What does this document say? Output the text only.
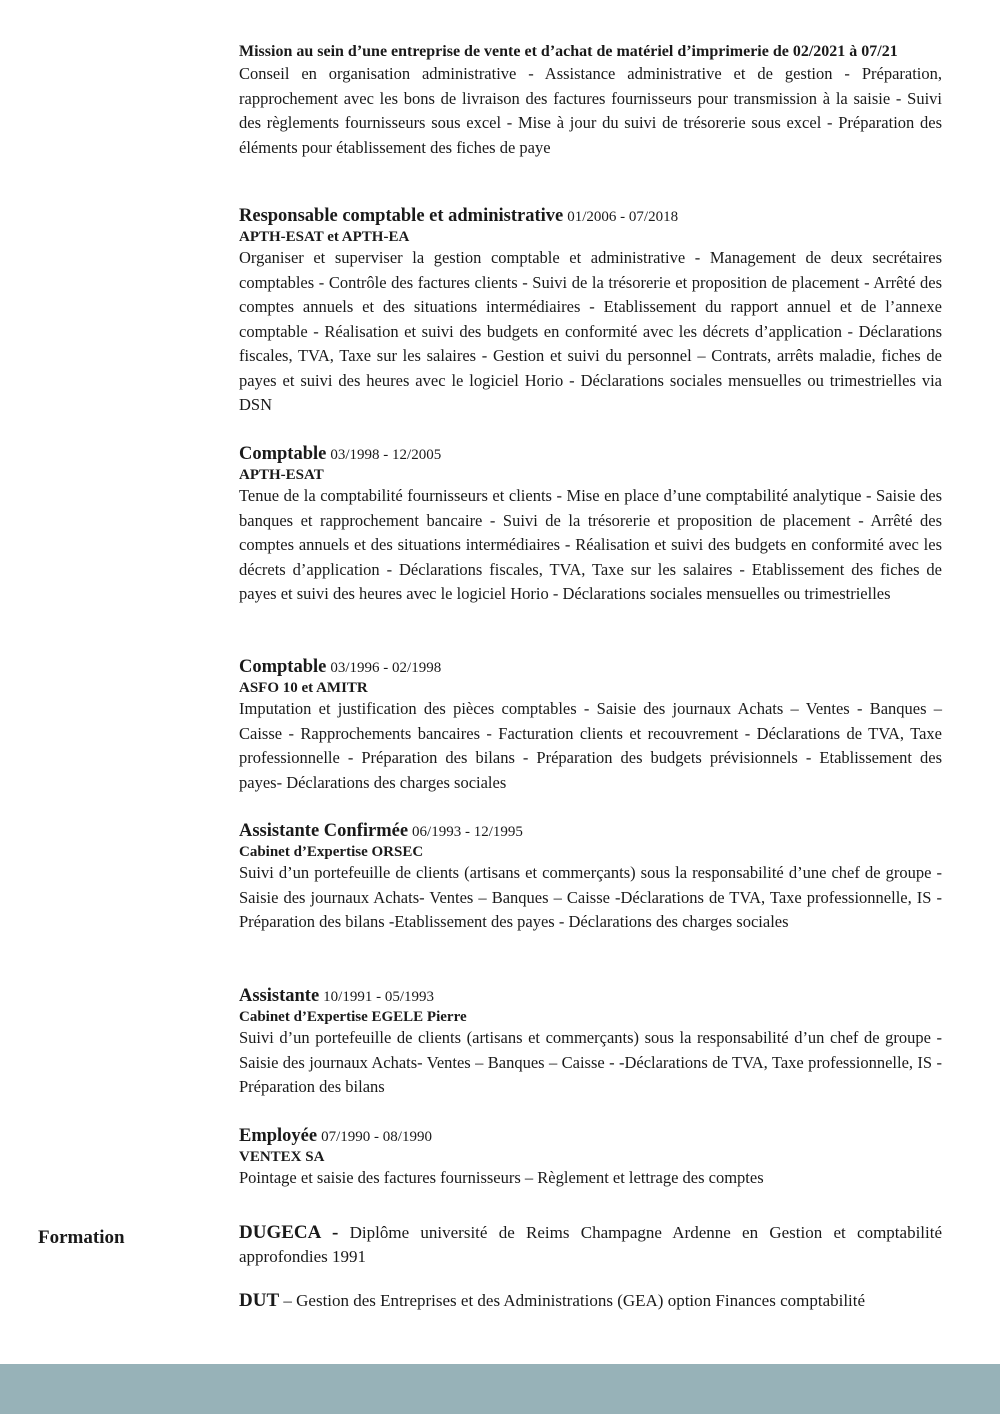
Mission au sein d’une entreprise de vente et d’achat de matériel d’imprimerie de 02/2021 à 07/21

Conseil en organisation administrative - Assistance administrative et de gestion - Préparation, rapprochement avec les bons de livraison des factures fournisseurs pour transmission à la saisie - Suivi des règlements fournisseurs sous excel - Mise à jour du suivi de trésorerie sous excel - Préparation des éléments pour établissement des fiches de paye

Responsable comptable et administrative 01/2006 - 07/2018

APTH-ESAT et APTH-EA

Organiser et superviser la gestion comptable et administrative - Management de deux secrétaires comptables - Contrôle des factures clients - Suivi de la trésorerie et proposition de placement - Arrêté des comptes annuels et des situations intermédiaires - Etablissement du rapport annuel et de l’annexe comptable - Réalisation et suivi des budgets en conformité avec les décrets d’application - Déclarations fiscales, TVA, Taxe sur les salaires - Gestion et suivi du personnel – Contrats, arrêts maladie, fiches de payes et suivi des heures avec le logiciel Horio - Déclarations sociales mensuelles ou trimestrielles via DSN

Comptable 03/1998 - 12/2005

APTH-ESAT

Tenue de la comptabilité fournisseurs et clients - Mise en place d’une comptabilité analytique - Saisie des banques et rapprochement bancaire - Suivi de la trésorerie et proposition de placement - Arrêté des comptes annuels et des situations intermédiaires - Réalisation et suivi des budgets en conformité avec les décrets d’application - Déclarations fiscales, TVA, Taxe sur les salaires - Etablissement des fiches de payes et suivi des heures avec le logiciel Horio - Déclarations sociales mensuelles ou trimestrielles

Comptable 03/1996 - 02/1998

ASFO 10 et AMITR

Imputation et justification des pièces comptables - Saisie des journaux Achats – Ventes - Banques – Caisse - Rapprochements bancaires - Facturation clients et recouvrement - Déclarations de TVA, Taxe professionnelle - Préparation des bilans - Préparation des budgets prévisionnels - Etablissement des payes- Déclarations des charges sociales

Assistante Confirmée 06/1993 - 12/1995

Cabinet d’Expertise ORSEC

Suivi d’un portefeuille de clients (artisans et commerçants) sous la responsabilité d’une chef de groupe - Saisie des journaux Achats- Ventes – Banques – Caisse -Déclarations de TVA, Taxe professionnelle, IS - Préparation des bilans -Etablissement des payes - Déclarations des charges sociales

Assistante 10/1991 - 05/1993

Cabinet d’Expertise EGELE Pierre

Suivi d’un portefeuille de clients (artisans et commerçants) sous la responsabilité d’un chef de groupe - Saisie des journaux Achats- Ventes – Banques – Caisse - -Déclarations de TVA, Taxe professionnelle, IS - Préparation des bilans

Employée 07/1990 - 08/1990

VENTEX SA

Pointage et saisie des factures fournisseurs – Règlement et lettrage des comptes

Formation	DUGECA - Diplôme université de Reims Champagne Ardenne en Gestion et comptabilité approfondies 1991

DUT – Gestion des Entreprises et des Administrations (GEA) option Finances comptabilité
